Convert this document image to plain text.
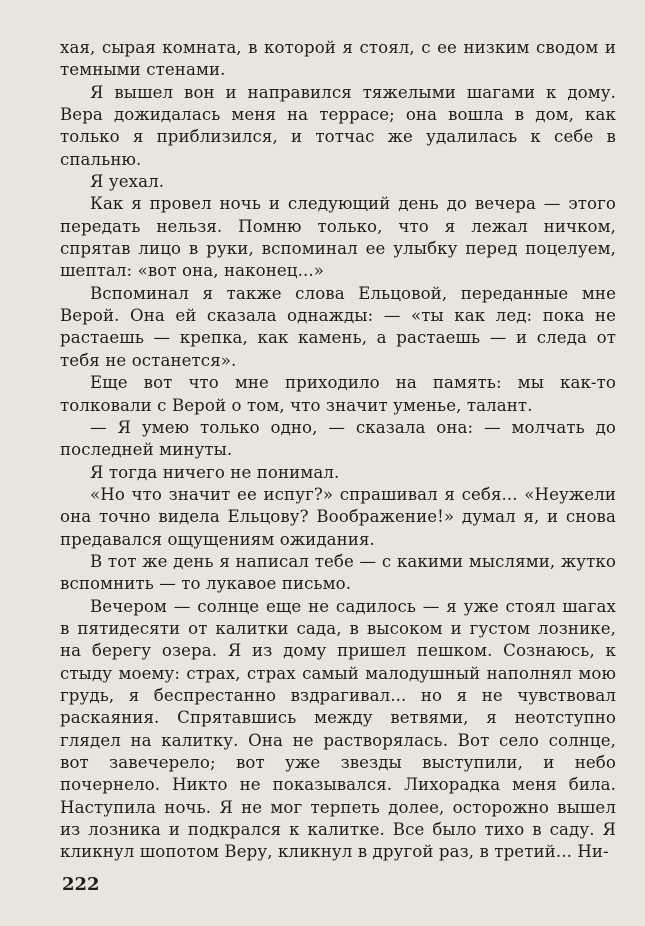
хая, сырая комната, в которой я стоял, с ее низким сводом и темными стенами.

Я вышел вон и направился тяжелыми шагами к дому. Вера дожидалась меня на террасе; она вошла в дом, как только я приблизился, и тотчас же удалилась к себе в спальню.

Я уехал.

Как я провел ночь и следующий день до вечера — этого передать нельзя. Помню только, что я лежал ничком, спрятав лицо в руки, вспоминал ее улыбку перед поцелуем, шептал: «вот она, наконец...»

Вспоминал я также слова Ельцовой, переданные мне Верой. Она ей сказала однажды: — «ты как лед: пока не растаешь — крепка, как камень, а растаешь — и следа от тебя не останется».

Еще вот что мне приходило на память: мы как-то толковали с Верой о том, что значит уменье, талант.

— Я умею только одно, — сказала она: — молчать до последней минуты.

Я тогда ничего не понимал.

«Но что значит ее испуг?» спрашивал я себя... «Неужели она точно видела Ельцову? Воображение!» думал я, и снова предавался ощущениям ожидания.

В тот же день я написал тебе — с какими мыслями, жутко вспомнить — то лукавое письмо.

Вечером — солнце еще не садилось — я уже стоял шагах в пятидесяти от калитки сада, в высоком и густом лознике, на берегу озера. Я из дому пришел пешком. Сознаюсь, к стыду моему: страх, страх самый малодушный наполнял мою грудь, я беспрестанно вздрагивал... но я не чувствовал раскаяния. Спрятавшись между ветвями, я неотступно глядел на калитку. Она не растворялась. Вот село солнце, вот завечерело; вот уже звезды выступили, и небо почернело. Никто не показывался. Лихорадка меня била. Наступила ночь. Я не мог терпеть долее, осторожно вышел из лозника и подкрался к калитке. Все было тихо в саду. Я кликнул шопотом Веру, кликнул в другой раз, в третий... Ни-

222
